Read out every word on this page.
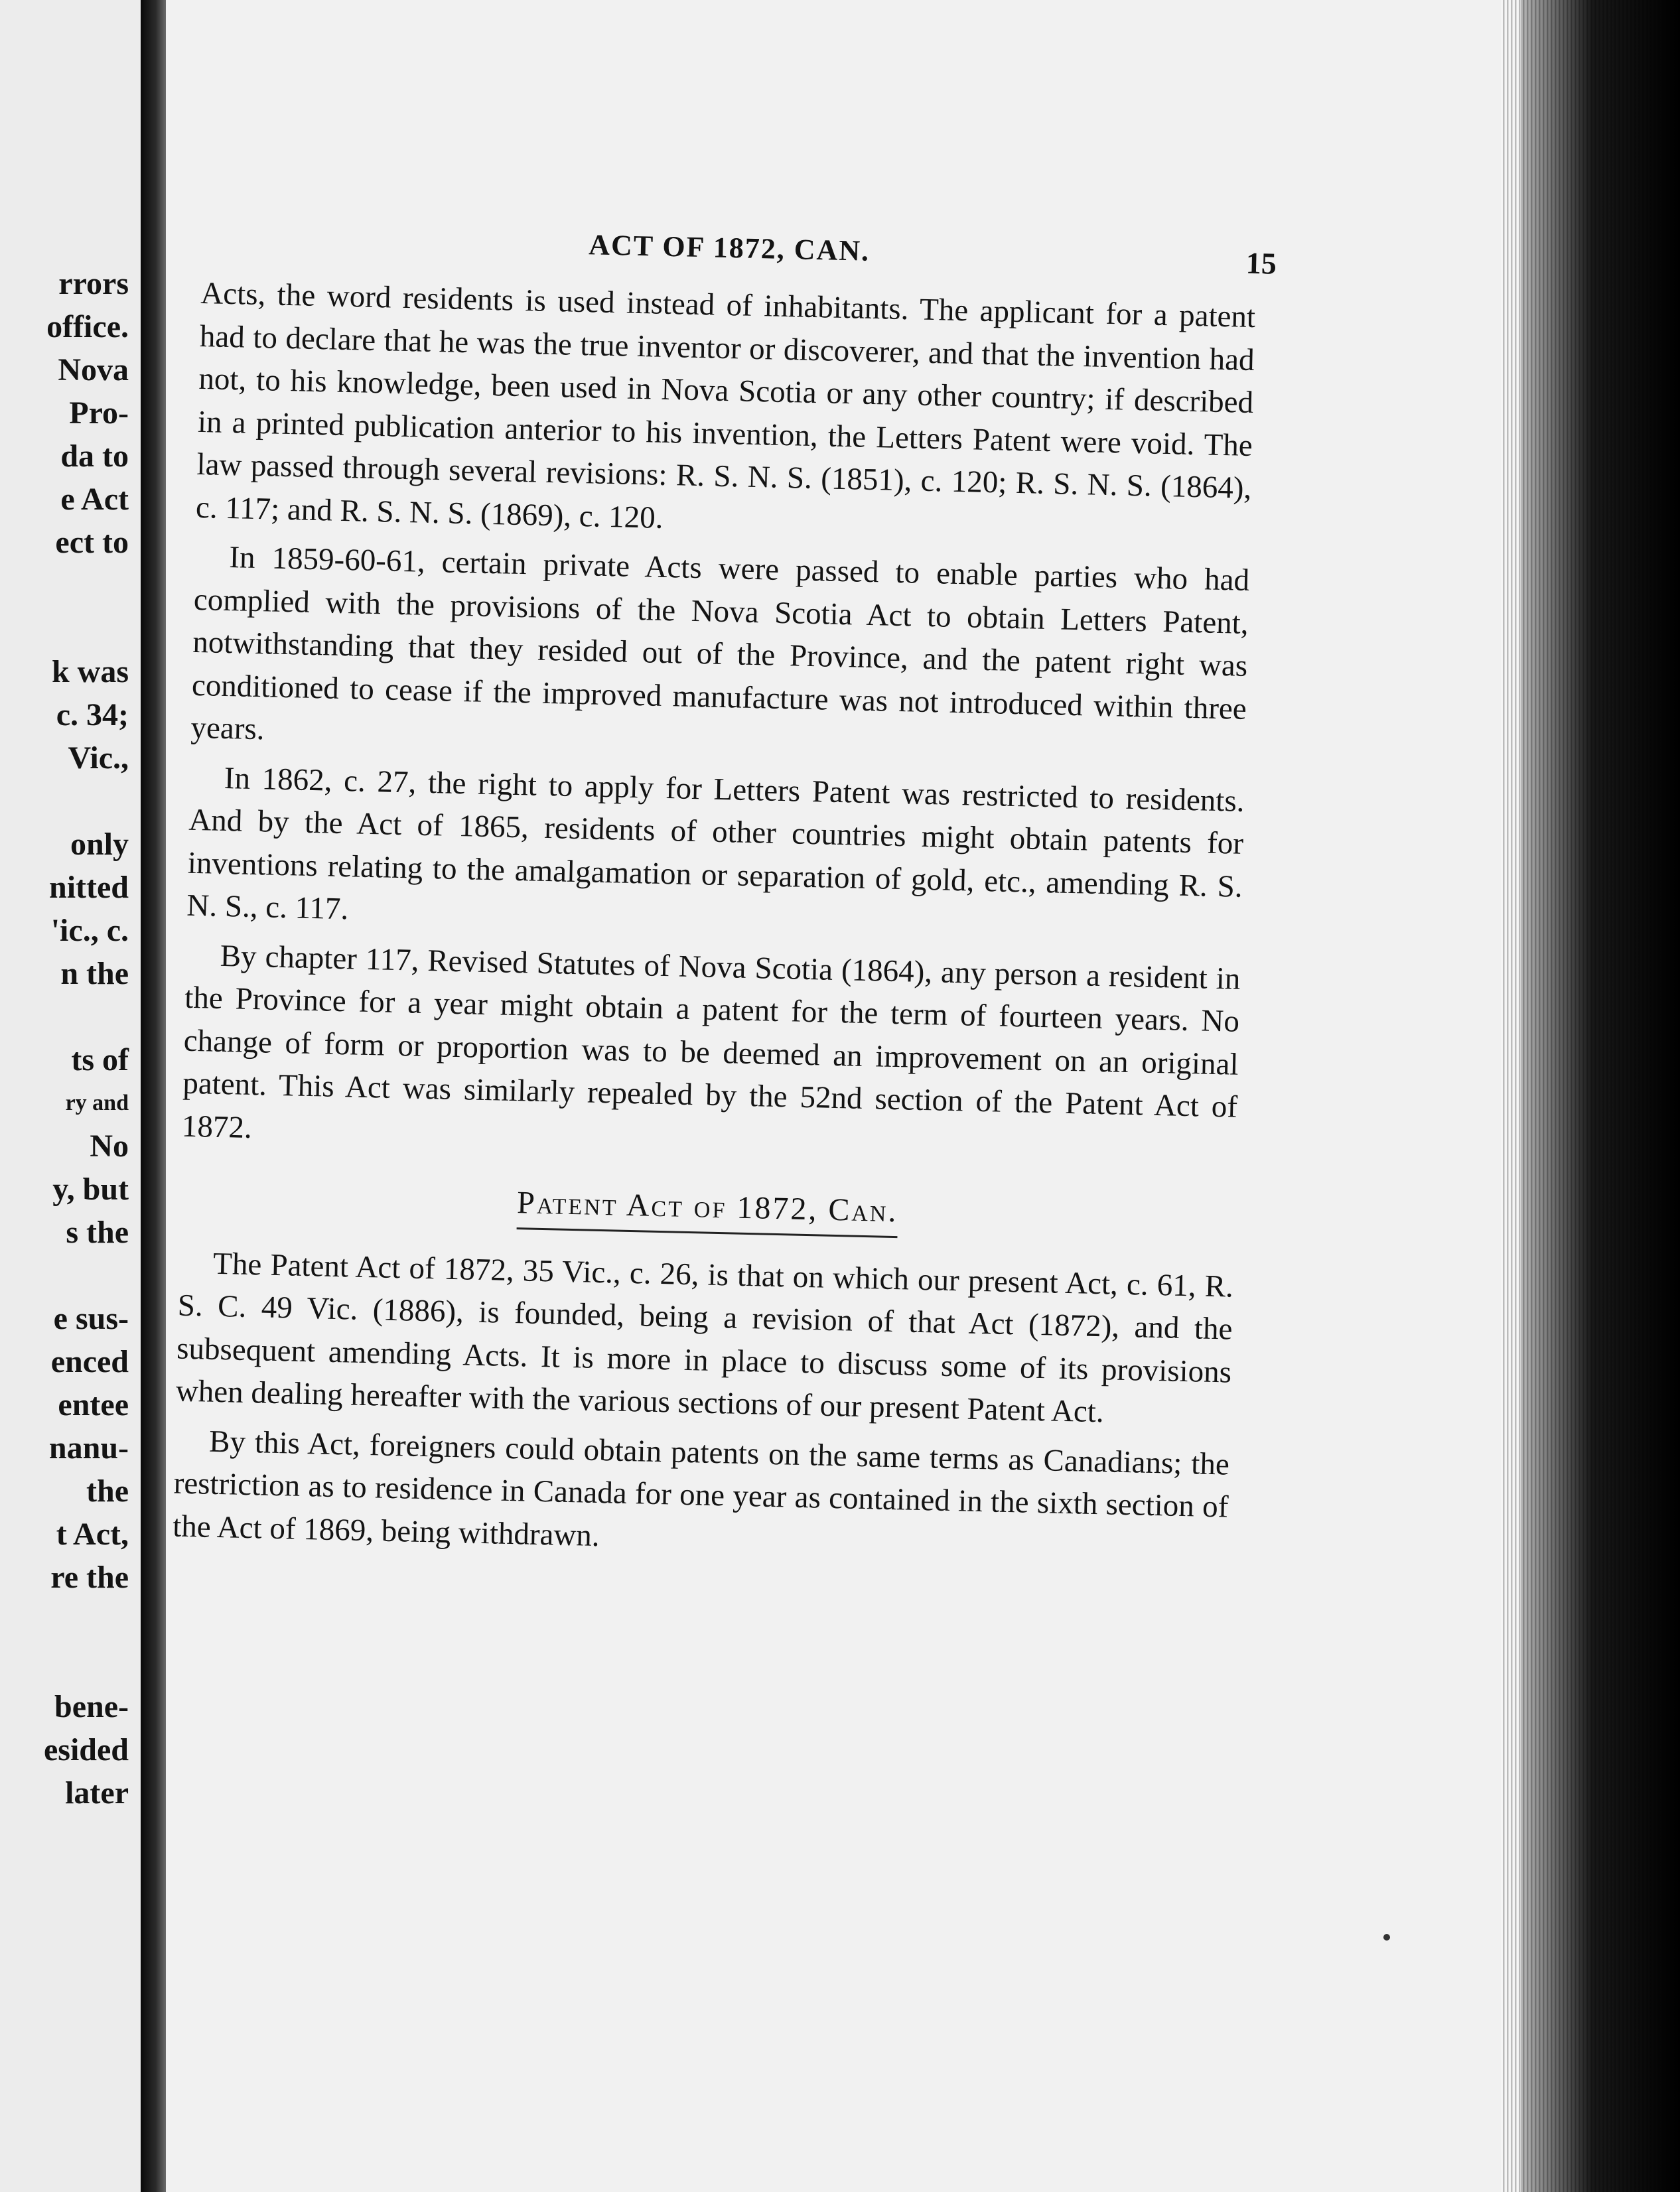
rrors
office.
Nova
Pro-
da to
e Act
ect to
k was
c. 34;
Vic.,
only
nitted
'ic., c.
n the
ts of
ry and
No
y, but
s the
e sus-
enced
entee
nanu-
the
t Act,
re the
bene-
esided
later
ACT OF 1872, CAN.	15

Acts, the word residents is used instead of inhabitants. The applicant for a patent had to declare that he was the true inventor or discoverer, and that the invention had not, to his knowledge, been used in Nova Scotia or any other country; if described in a printed publication anterior to his invention, the Letters Patent were void. The law passed through several revisions: R. S. N. S. (1851), c. 120; R. S. N. S. (1864), c. 117; and R. S. N. S. (1869), c. 120.

In 1859-60-61, certain private Acts were passed to enable parties who had complied with the provisions of the Nova Scotia Act to obtain Letters Patent, notwithstanding that they resided out of the Province, and the patent right was conditioned to cease if the improved manufacture was not introduced within three years.

In 1862, c. 27, the right to apply for Letters Patent was restricted to residents. And by the Act of 1865, residents of other countries might obtain patents for inventions relating to the amalgamation or separation of gold, etc., amending R. S. N. S., c. 117.

By chapter 117, Revised Statutes of Nova Scotia (1864), any person a resident in the Province for a year might obtain a patent for the term of fourteen years. No change of form or proportion was to be deemed an improvement on an original patent. This Act was similarly repealed by the 52nd section of the Patent Act of 1872.

Patent Act of 1872, Can.

The Patent Act of 1872, 35 Vic., c. 26, is that on which our present Act, c. 61, R. S. C. 49 Vic. (1886), is founded, being a revision of that Act (1872), and the subsequent amending Acts. It is more in place to discuss some of its provisions when dealing hereafter with the various sections of our present Patent Act.

By this Act, foreigners could obtain patents on the same terms as Canadians; the restriction as to residence in Canada for one year as contained in the sixth section of the Act of 1869, being withdrawn.
